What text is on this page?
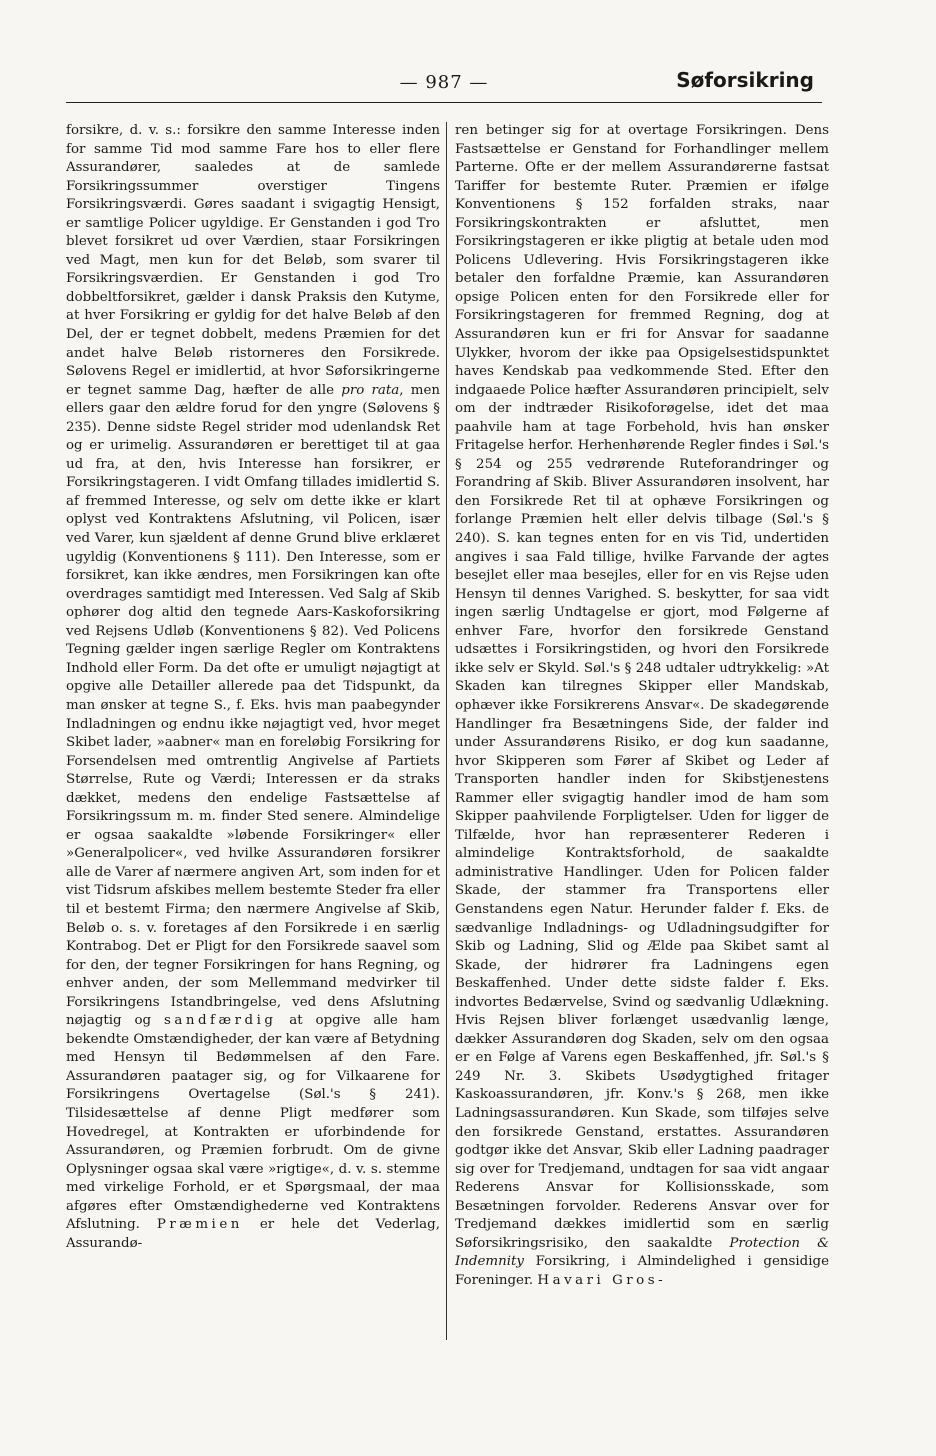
— 987 —	Søforsikring

forsikre, d. v. s.: forsikre den samme Interesse inden for samme Tid mod samme Fare hos to eller flere Assurandører, saaledes at de samlede Forsikringssummer overstiger Tingens Forsikringsværdi. Gøres saadant i svigagtig Hensigt, er samtlige Policer ugyldige. Er Genstanden i god Tro blevet forsikret ud over Værdien, staar Forsikringen ved Magt, men kun for det Beløb, som svarer til Forsikringsværdien. Er Genstanden i god Tro dobbeltforsikret, gælder i dansk Praksis den Kutyme, at hver Forsikring er gyldig for det halve Beløb af den Del, der er tegnet dobbelt, medens Præmien for det andet halve Beløb ristorneres den Forsikrede. Sølovens Regel er imidlertid, at hvor Søforsikringerne er tegnet samme Dag, hæfter de alle pro rata, men ellers gaar den ældre forud for den yngre (Sølovens § 235). Denne sidste Regel strider mod udenlandsk Ret og er urimelig. Assurandøren er berettiget til at gaa ud fra, at den, hvis Interesse han forsikrer, er Forsikringstageren. I vidt Omfang tillades imidlertid S. af fremmed Interesse, og selv om dette ikke er klart oplyst ved Kontraktens Afslutning, vil Policen, især ved Varer, kun sjældent af denne Grund blive erklæret ugyldig (Konventionens § 111). Den Interesse, som er forsikret, kan ikke ændres, men Forsikringen kan ofte overdrages samtidigt med Interessen. Ved Salg af Skib ophører dog altid den tegnede Aars-Kaskoforsikring ved Rejsens Udløb (Konventionens § 82). Ved Policens Tegning gælder ingen særlige Regler om Kontraktens Indhold eller Form. Da det ofte er umuligt nøjagtigt at opgive alle Detailler allerede paa det Tidspunkt, da man ønsker at tegne S., f. Eks. hvis man paabegynder Indladningen og endnu ikke nøjagtigt ved, hvor meget Skibet lader, »aabner« man en foreløbig Forsikring for Forsendelsen med omtrentlig Angivelse af Partiets Størrelse, Rute og Værdi; Interessen er da straks dækket, medens den endelige Fastsættelse af Forsikringssum m. m. finder Sted senere. Almindelige er ogsaa saakaldte »løbende Forsikringer« eller »Generalpolicer«, ved hvilke Assurandøren forsikrer alle de Varer af nærmere angiven Art, som inden for et vist Tidsrum afskibes mellem bestemte Steder fra eller til et bestemt Firma; den nærmere Angivelse af Skib, Beløb o. s. v. foretages af den Forsikrede i en særlig Kontrabog. Det er Pligt for den Forsikrede saavel som for den, der tegner Forsikringen for hans Regning, og enhver anden, der som Mellemmand medvirker til Forsikringens Istandbringelse, ved dens Afslutning nøjagtig og sandfærdig at opgive alle ham bekendte Omstændigheder, der kan være af Betydning med Hensyn til Bedømmelsen af den Fare. Assurandøren paatager sig, og for Vilkaarene for Forsikringens Overtagelse (Søl.'s § 241). Tilsidesættelse af denne Pligt medfører som Hovedregel, at Kontrakten er uforbindende for Assurandøren, og Præmien forbrudt. Om de givne Oplysninger ogsaa skal være »rigtige«, d. v. s. stemme med virkelige Forhold, er et Spørgsmaal, der maa afgøres efter Omstændighederne ved Kontraktens Afslutning. Præmien er hele det Vederlag, Assurandø-

ren betinger sig for at overtage Forsikringen. Dens Fastsættelse er Genstand for Forhandlinger mellem Parterne. Ofte er der mellem Assurandørerne fastsat Tariffer for bestemte Ruter. Præmien er ifølge Konventionens § 152 forfalden straks, naar Forsikringskontrakten er afsluttet, men Forsikringstageren er ikke pligtig at betale uden mod Policens Udlevering. Hvis Forsikringstageren ikke betaler den forfaldne Præmie, kan Assurandøren opsige Policen enten for den Forsikrede eller for Forsikringstageren for fremmed Regning, dog at Assurandøren kun er fri for Ansvar for saadanne Ulykker, hvorom der ikke paa Opsigelsestidspunktet haves Kendskab paa vedkommende Sted. Efter den indgaaede Police hæfter Assurandøren principielt, selv om der indtræder Risikoforøgelse, idet det maa paahvile ham at tage Forbehold, hvis han ønsker Fritagelse herfor. Herhenhørende Regler findes i Søl.'s § 254 og 255 vedrørende Ruteforandringer og Forandring af Skib. Bliver Assurandøren insolvent, har den Forsikrede Ret til at ophæve Forsikringen og forlange Præmien helt eller delvis tilbage (Søl.'s § 240). S. kan tegnes enten for en vis Tid, undertiden angives i saa Fald tillige, hvilke Farvande der agtes besejlet eller maa besejles, eller for en vis Rejse uden Hensyn til dennes Varighed. S. beskytter, for saa vidt ingen særlig Undtagelse er gjort, mod Følgerne af enhver Fare, hvorfor den forsikrede Genstand udsættes i Forsikringstiden, og hvori den Forsikrede ikke selv er Skyld. Søl.'s § 248 udtaler udtrykkelig: »At Skaden kan tilregnes Skipper eller Mandskab, ophæver ikke Forsikrerens Ansvar«. De skadegørende Handlinger fra Besætningens Side, der falder ind under Assurandørens Risiko, er dog kun saadanne, hvor Skipperen som Fører af Skibet og Leder af Transporten handler inden for Skibstjenestens Rammer eller svigagtig handler imod de ham som Skipper paahvilende Forpligtelser. Uden for ligger de Tilfælde, hvor han repræsenterer Rederen i almindelige Kontraktsforhold, de saakaldte administrative Handlinger. Uden for Policen falder Skade, der stammer fra Transportens eller Genstandens egen Natur. Herunder falder f. Eks. de sædvanlige Indladnings- og Udladningsudgifter for Skib og Ladning, Slid og Ælde paa Skibet samt al Skade, der hidrører fra Ladningens egen Beskaffenhed. Under dette sidste falder f. Eks. indvortes Bedærvelse, Svind og sædvanlig Udlækning. Hvis Rejsen bliver forlænget usædvanlig længe, dækker Assurandøren dog Skaden, selv om den ogsaa er en Følge af Varens egen Beskaffenhed, jfr. Søl.'s § 249 Nr. 3. Skibets Usødygtighed fritager Kaskoassurandøren, jfr. Konv.'s § 268, men ikke Ladningsassurandøren. Kun Skade, som tilføjes selve den forsikrede Genstand, erstattes. Assurandøren godtgør ikke det Ansvar, Skib eller Ladning paadrager sig over for Tredjemand, undtagen for saa vidt angaar Rederens Ansvar for Kollisionsskade, som Besætningen forvolder. Rederens Ansvar over for Tredjemand dækkes imidlertid som en særlig Søforsikringsrisiko, den saakaldte Protection & Indemnity Forsikring, i Almindelighed i gensidige Foreninger. Havari Gros-
